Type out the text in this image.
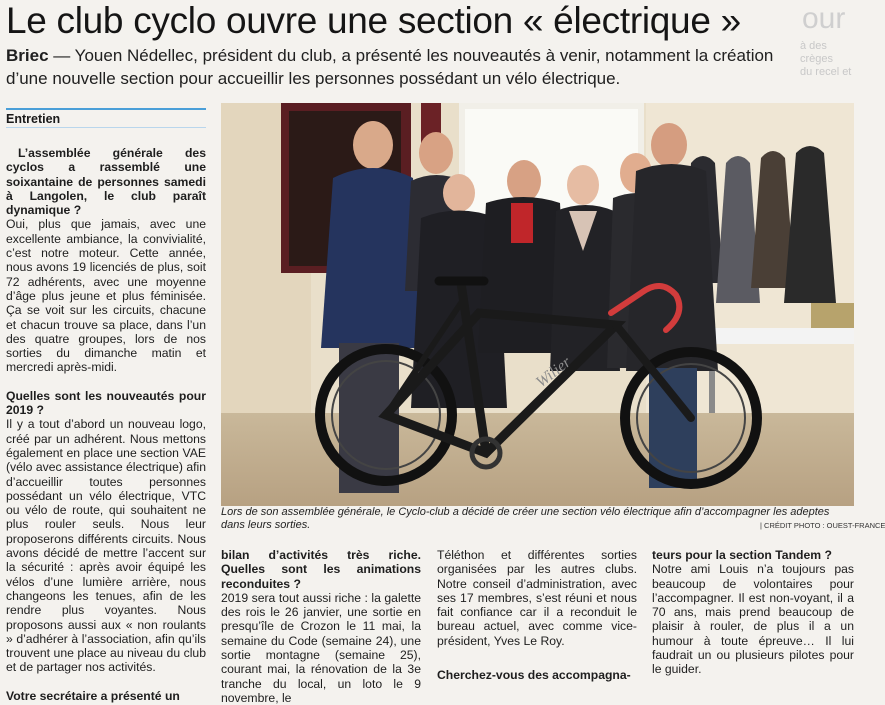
Le club cyclo ouvre une section « électrique »	our
à des crèges
du recel et
Briec — Youen Nédellec, président du club, a présenté les nouveautés à venir, notamment la création d’une nouvelle section pour accueillir les personnes possédant un vélo électrique.
Entretien

L’assemblée générale des cyclos a rassemblé une soixantaine de personnes samedi à Langolen, le club paraît dynamique ?

Oui, plus que jamais, avec une excellente ambiance, la convivialité, c’est notre moteur. Cette année, nous avons 19 licenciés de plus, soit 72 adhérents, avec une moyenne d’âge plus jeune et plus féminisée. Ça se voit sur les circuits, chacune et chacun trouve sa place, dans l’un des quatre groupes, lors de nos sorties du dimanche matin et mercredi après-midi.

Quelles sont les nouveautés pour 2019 ?

Il y a tout d’abord un nouveau logo, créé par un adhérent. Nous mettons également en place une section VAE (vélo avec assistance électrique) afin d’accueillir toutes personnes possédant un vélo électrique, VTC ou vélo de route, qui souhaitent ne plus rouler seuls. Nous leur proposerons différents circuits. Nous avons décidé de mettre l’accent sur la sécurité : après avoir équipé les vélos d’une lumière arrière, nous changeons les tenues, afin de les rendre plus voyantes. Nous proposons aussi aux « non roulants » d’adhérer à l’association, afin qu’ils trouvent une place au niveau du club et de partager nos activités.

Votre secrétaire a présenté un

Wilier
Lors de son assemblée générale, le Cyclo-club a décidé de créer une section vélo électrique afin d’accompagner les adeptes dans leurs sorties.	| CRÉDIT PHOTO : OUEST-FRANCE

bilan d’activités très riche. Quelles sont les animations reconduites ?

2019 sera tout aussi riche : la galette des rois le 26 janvier, une sortie en presqu’île de Crozon le 11 mai, la semaine du Code (semaine 24), une sortie montagne (semaine 25), courant mai, la rénovation de la 3e tranche du local, un loto le 9 novembre, le

Téléthon et différentes sorties organisées par les autres clubs. Notre conseil d’administration, avec ses 17 membres, s’est réuni et nous fait confiance car il a reconduit le bureau actuel, avec comme vice-président, Yves Le Roy.

Cherchez-vous des accompagna-

teurs pour la section Tandem ?

Notre ami Louis n’a toujours pas beaucoup de volontaires pour l’accompagner. Il est non-voyant, il a 70 ans, mais prend beaucoup de plaisir à rouler, de plus il a un humour à toute épreuve… Il lui faudrait un ou plusieurs pilotes pour le guider.
